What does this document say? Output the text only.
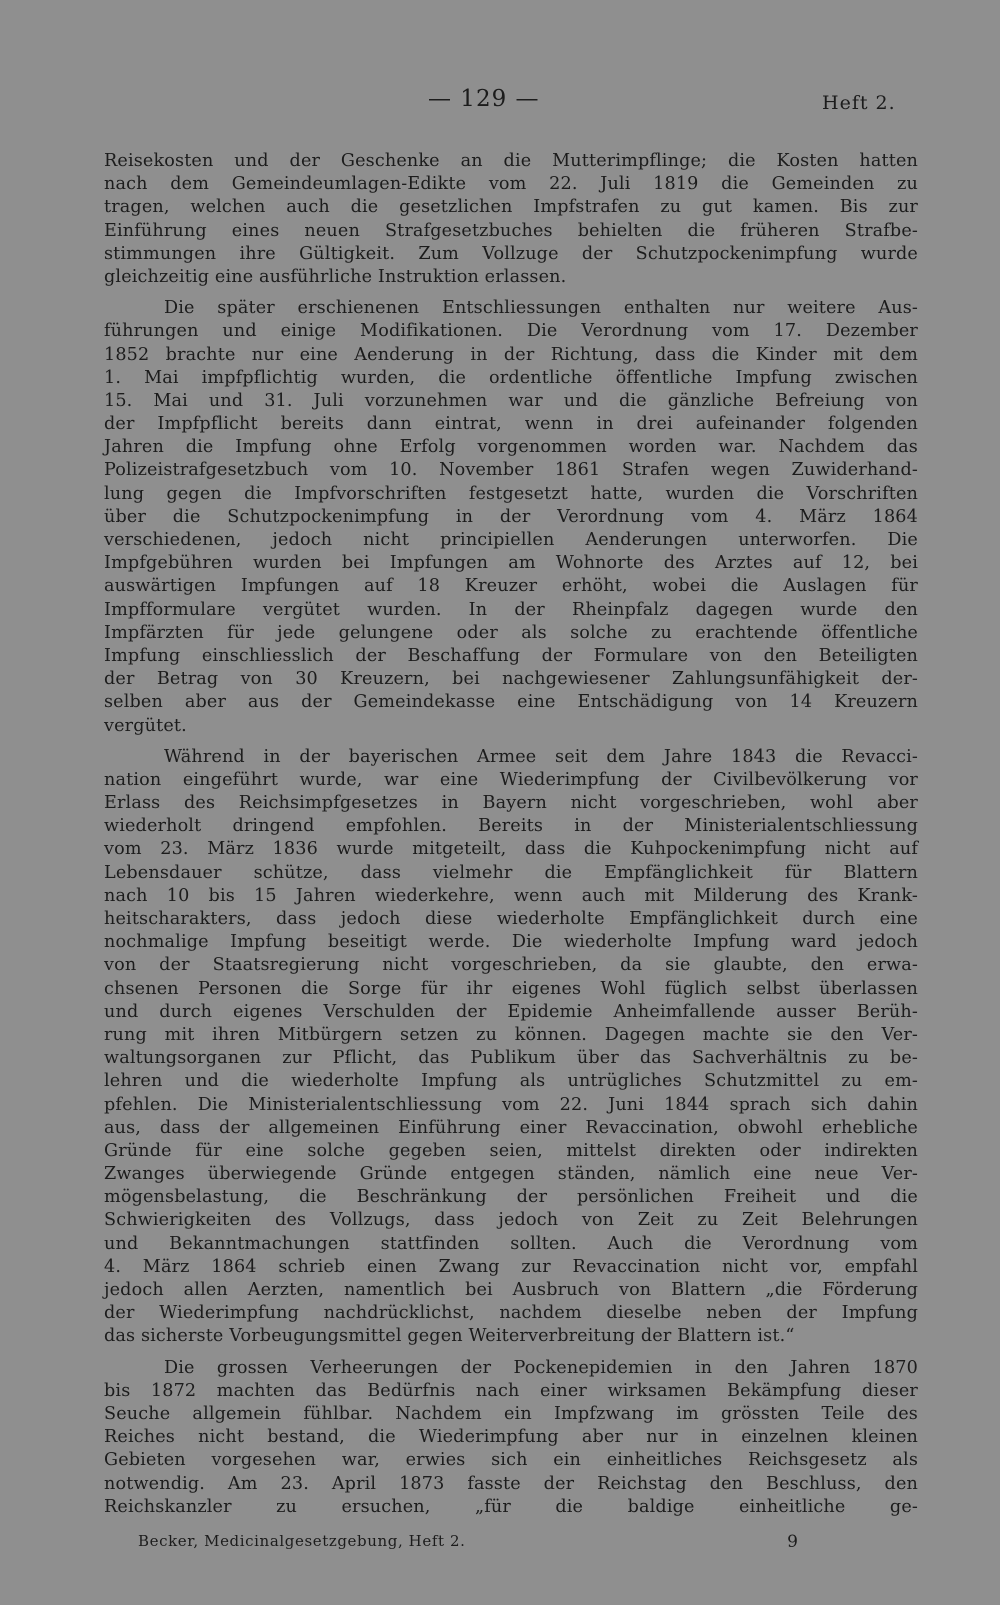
— 129 —	Heft 2.
Reisekosten und der Geschenke an die Mutterimpflinge; die Kosten hatten
nach dem Gemeindeumlagen-Edikte vom 22. Juli 1819 die Gemeinden zu
tragen, welchen auch die gesetzlichen Impfstrafen zu gut kamen. Bis zur
Einführung eines neuen Strafgesetzbuches behielten die früheren Strafbe-
stimmungen ihre Gültigkeit. Zum Vollzuge der Schutzpockenimpfung wurde
gleichzeitig eine ausführliche Instruktion erlassen.
Die später erschienenen Entschliessungen enthalten nur weitere Aus-
führungen und einige Modifikationen. Die Verordnung vom 17. Dezember
1852 brachte nur eine Aenderung in der Richtung, dass die Kinder mit dem
1. Mai impfpflichtig wurden, die ordentliche öffentliche Impfung zwischen
15. Mai und 31. Juli vorzunehmen war und die gänzliche Befreiung von
der Impfpflicht bereits dann eintrat, wenn in drei aufeinander folgenden
Jahren die Impfung ohne Erfolg vorgenommen worden war. Nachdem das
Polizeistrafgesetzbuch vom 10. November 1861 Strafen wegen Zuwiderhand-
lung gegen die Impfvorschriften festgesetzt hatte, wurden die Vorschriften
über die Schutzpockenimpfung in der Verordnung vom 4. März 1864
verschiedenen, jedoch nicht principiellen Aenderungen unterworfen. Die
Impfgebühren wurden bei Impfungen am Wohnorte des Arztes auf 12, bei
auswärtigen Impfungen auf 18 Kreuzer erhöht, wobei die Auslagen für
Impfformulare vergütet wurden. In der Rheinpfalz dagegen wurde den
Impfärzten für jede gelungene oder als solche zu erachtende öffentliche
Impfung einschliesslich der Beschaffung der Formulare von den Beteiligten
der Betrag von 30 Kreuzern, bei nachgewiesener Zahlungsunfähigkeit der-
selben aber aus der Gemeindekasse eine Entschädigung von 14 Kreuzern
vergütet.
Während in der bayerischen Armee seit dem Jahre 1843 die Revacci-
nation eingeführt wurde, war eine Wiederimpfung der Civilbevölkerung vor
Erlass des Reichsimpfgesetzes in Bayern nicht vorgeschrieben, wohl aber
wiederholt dringend empfohlen. Bereits in der Ministerialentschliessung
vom 23. März 1836 wurde mitgeteilt, dass die Kuhpockenimpfung nicht auf
Lebensdauer schütze, dass vielmehr die Empfänglichkeit für Blattern
nach 10 bis 15 Jahren wiederkehre, wenn auch mit Milderung des Krank-
heitscharakters, dass jedoch diese wiederholte Empfänglichkeit durch eine
nochmalige Impfung beseitigt werde. Die wiederholte Impfung ward jedoch
von der Staatsregierung nicht vorgeschrieben, da sie glaubte, den erwa-
chsenen Personen die Sorge für ihr eigenes Wohl füglich selbst überlassen
und durch eigenes Verschulden der Epidemie Anheimfallende ausser Berüh-
rung mit ihren Mitbürgern setzen zu können. Dagegen machte sie den Ver-
waltungsorganen zur Pflicht, das Publikum über das Sachverhältnis zu be-
lehren und die wiederholte Impfung als untrügliches Schutzmittel zu em-
pfehlen. Die Ministerialentschliessung vom 22. Juni 1844 sprach sich dahin
aus, dass der allgemeinen Einführung einer Revaccination, obwohl erhebliche
Gründe für eine solche gegeben seien, mittelst direkten oder indirekten
Zwanges überwiegende Gründe entgegen ständen, nämlich eine neue Ver-
mögensbelastung, die Beschränkung der persönlichen Freiheit und die
Schwierigkeiten des Vollzugs, dass jedoch von Zeit zu Zeit Belehrungen
und Bekanntmachungen stattfinden sollten. Auch die Verordnung vom
4. März 1864 schrieb einen Zwang zur Revaccination nicht vor, empfahl
jedoch allen Aerzten, namentlich bei Ausbruch von Blattern „die Förderung
der Wiederimpfung nachdrücklichst, nachdem dieselbe neben der Impfung
das sicherste Vorbeugungsmittel gegen Weiterverbreitung der Blattern ist.“
Die grossen Verheerungen der Pockenepidemien in den Jahren 1870
bis 1872 machten das Bedürfnis nach einer wirksamen Bekämpfung dieser
Seuche allgemein fühlbar. Nachdem ein Impfzwang im grössten Teile des
Reiches nicht bestand, die Wiederimpfung aber nur in einzelnen kleinen
Gebieten vorgesehen war, erwies sich ein einheitliches Reichsgesetz als
notwendig. Am 23. April 1873 fasste der Reichstag den Beschluss, den
Reichskanzler zu ersuchen, „für die baldige einheitliche ge-
Becker, Medicinalgesetzgebung, Heft 2.	9
